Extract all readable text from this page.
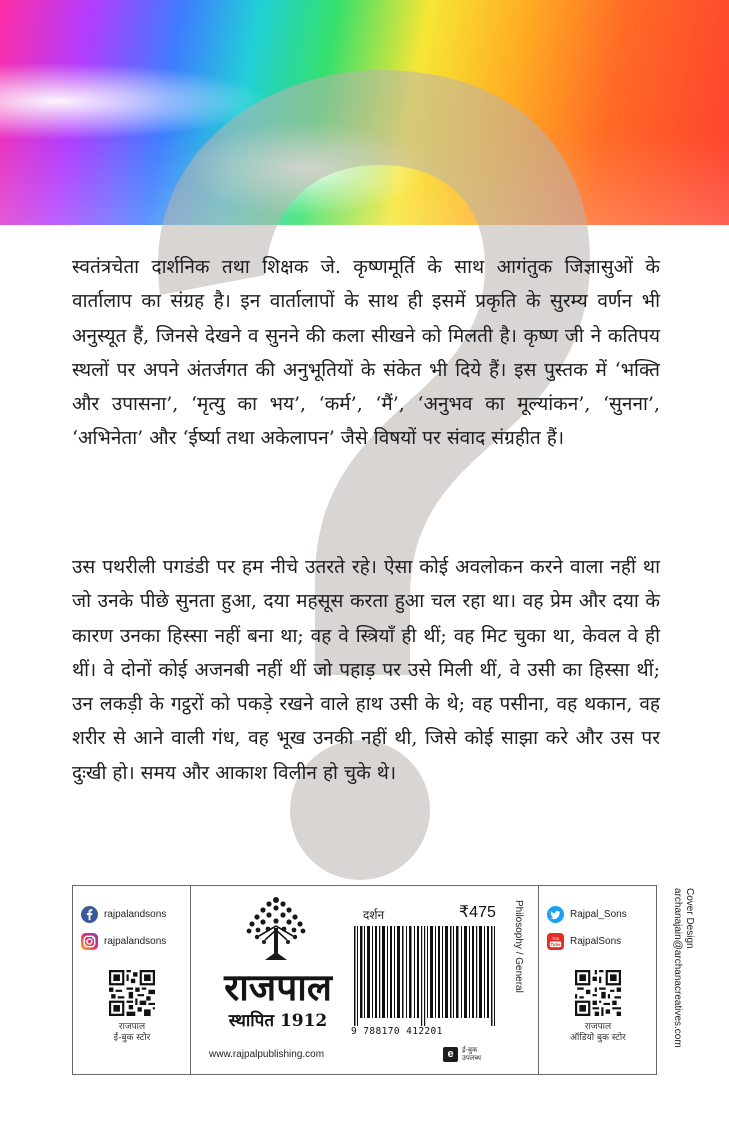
स्वतंत्रचेता दार्शनिक तथा शिक्षक जे. कृष्णमूर्ति के साथ आगंतुक जिज्ञासुओं के वार्तालाप का संग्रह है। इन वार्तालापों के साथ ही इसमें प्रकृति के सुरम्य वर्णन भी अनुस्यूत हैं, जिनसे देखने व सुनने की कला सीखने को मिलती है। कृष्ण जी ने कतिपय स्थलों पर अपने अंतर्जगत की अनुभूतियों के संकेत भी दिये हैं। इस पुस्तक में ‘भक्ति और उपासना’, ‘मृत्यु का भय’, ‘कर्म’, ‘मैं’, ‘अनुभव का मूल्यांकन’, ‘सुनना’, ‘अभिनेता’ और ‘ईर्ष्या तथा अकेलापन’ जैसे विषयों पर संवाद संग्रहीत हैं।

उस पथरीली पगडंडी पर हम नीचे उतरते रहे। ऐसा कोई अवलोकन करने वाला नहीं था जो उनके पीछे सुनता हुआ, दया महसूस करता हुआ चल रहा था। वह प्रेम और दया के कारण उनका हिस्सा नहीं बना था; वह वे स्त्रियाँ ही थीं; वह मिट चुका था, केवल वे ही थीं। वे दोनों कोई अजनबी नहीं थीं जो पहाड़ पर उसे मिली थीं, वे उसी का हिस्सा थीं; उन लकड़ी के गट्ठरों को पकड़े रखने वाले हाथ उसी के थे; वह पसीना, वह थकान, वह शरीर से आने वाली गंध, वह भूख उनकी नहीं थी, जिसे कोई साझा करे और उस पर दुःखी हो। समय और आकाश विलीन हो चुके थे।

rajpalandsons
rajpalandsons
राजपाल
ई-बुक स्टोर
राजपाल
स्थापित 1912
www.rajpalpublishing.com
दर्शन	₹475
9 788170 412201
Philosophy / General
e	ई-बुक
उपलब्ध
Rajpal_Sons
You
Tube RajpalSons
राजपाल
ऑडियो बुक स्टोर
Cover Design
archanajain@archanacreatives.com
